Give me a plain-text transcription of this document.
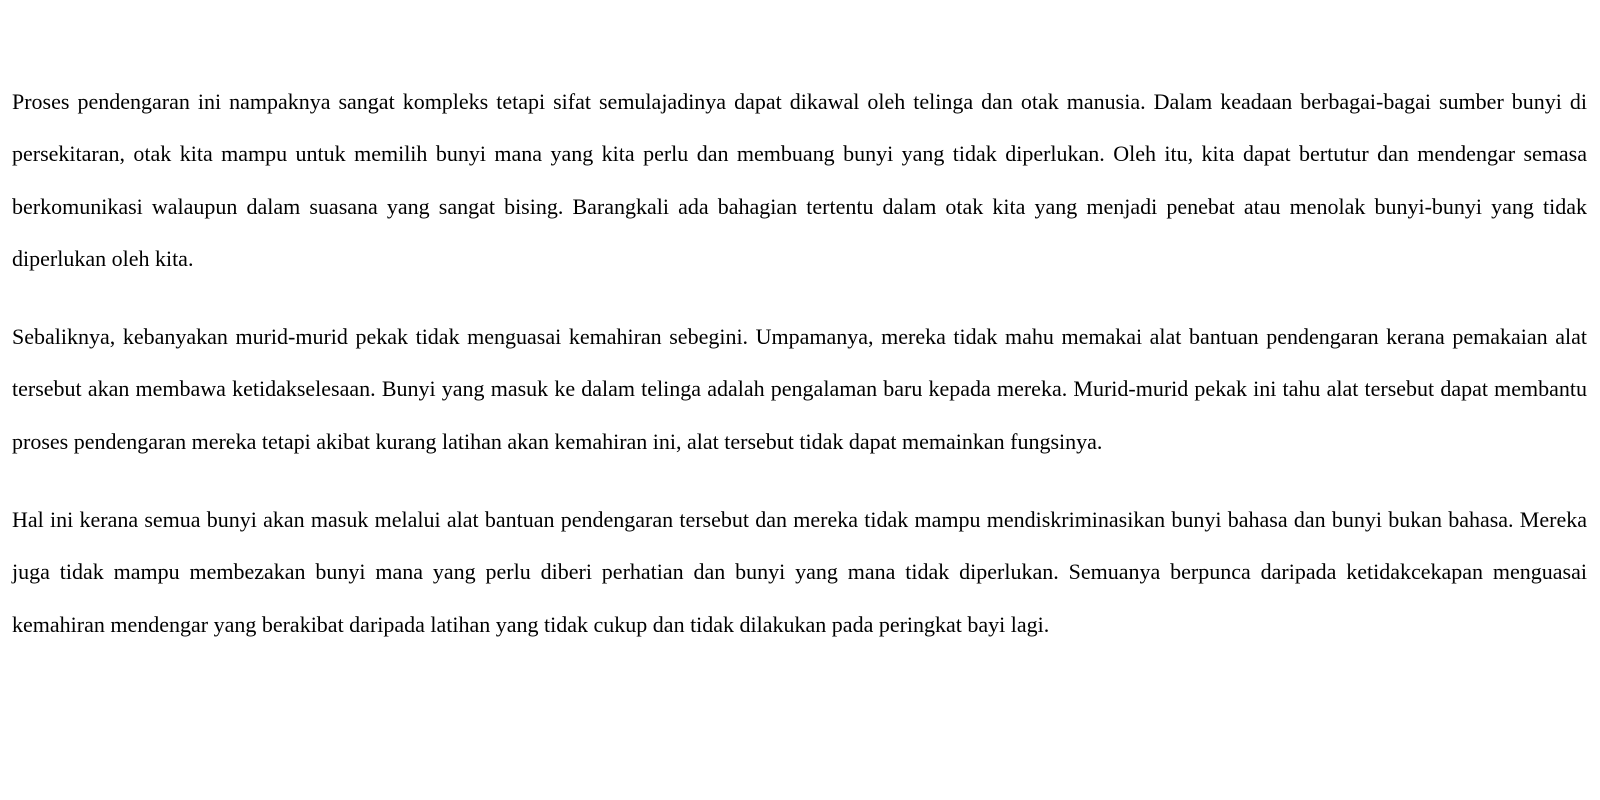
Proses pendengaran ini nampaknya sangat kompleks tetapi sifat semulajadinya dapat dikawal oleh telinga dan otak manusia. Dalam keadaan berbagai-bagai sumber bunyi di persekitaran, otak kita mampu untuk memilih bunyi mana yang kita perlu dan membuang bunyi yang tidak diperlukan. Oleh itu, kita dapat bertutur dan mendengar semasa berkomunikasi walaupun dalam suasana yang sangat bising. Barangkali ada bahagian tertentu dalam otak kita yang menjadi penebat atau menolak bunyi-bunyi yang tidak diperlukan oleh kita.

Sebaliknya, kebanyakan murid-murid pekak tidak menguasai kemahiran sebegini. Umpamanya, mereka tidak mahu memakai alat bantuan pendengaran kerana pemakaian alat tersebut akan membawa ketidakselesaan. Bunyi yang masuk ke dalam telinga adalah pengalaman baru kepada mereka. Murid-murid pekak ini tahu alat tersebut dapat membantu proses pendengaran mereka tetapi akibat kurang latihan akan kemahiran ini, alat tersebut tidak dapat memainkan fungsinya.

Hal ini kerana semua bunyi akan masuk melalui alat bantuan pendengaran tersebut dan mereka tidak mampu mendiskriminasikan bunyi bahasa dan bunyi bukan bahasa. Mereka juga tidak mampu membezakan bunyi mana yang perlu diberi perhatian dan bunyi yang mana tidak diperlukan. Semuanya berpunca daripada ketidakcekapan menguasai kemahiran mendengar yang berakibat daripada latihan yang tidak cukup dan tidak dilakukan pada peringkat bayi lagi.
